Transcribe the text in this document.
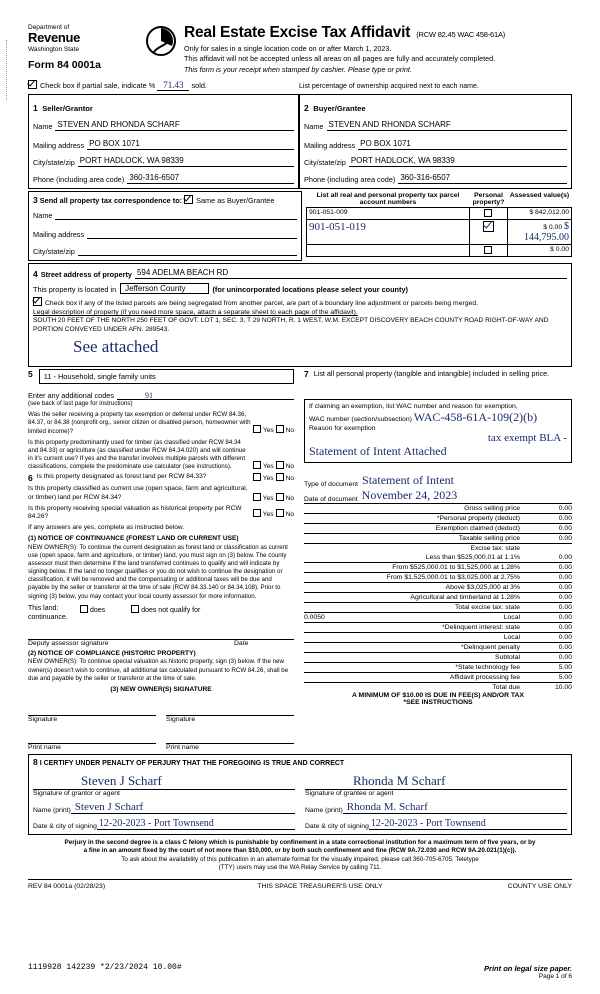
Department of
Revenue
Washington State
Form 84 0001a
Real Estate Excise Tax Affidavit (RCW 82.45 WAC 458-61A)
Only for sales in a single location code on or after March 1, 2023.
This affidavit will not be accepted unless all areas on all pages are fully and accurately completed.
This form is your receipt when stamped by cashier. Please type or print.
Check box if partial sale, indicate % 71.43 sold.	List percentage of ownership acquired next to each name.
1 Seller/Grantor
Name STEVEN AND RHONDA SCHARF
Mailing address PO BOX 1071
City/state/zip PORT HADLOCK, WA 98339
Phone (including area code) 360-316-6507
2 Buyer/Grantee
Name STEVEN AND RHONDA SCHARF
Mailing address PO BOX 1071
City/state/zip PORT HADLOCK, WA 98339
Phone (including area code) 360-316-6507
3 Send all property tax correspondence to: Same as Buyer/Grantee
Name
Mailing address
City/state/zip
List all real and personal property tax parcel account numbers	Personal property?	Assessed value(s)
901-051-009		$ 842,012.00
901-051-019		$ 0.00 $ 144,795.00
		$ 0.00
4 Street address of property 594 ADELMA BEACH RD
This property is located in	Jefferson County	(for unincorporated locations please select your county)
Check box if any of the listed parcels are being segregated from another parcel, are part of a boundary line adjustment or parcels being merged.
Legal description of property (if you need more space, attach a separate sheet to each page of the affidavit).
SOUTH 20 FEET OF THE NORTH 250 FEET OF GOVT. LOT 1, SEC. 3, T 29 NORTH, R. 1 WEST, W.M. EXCEPT DISCOVERY BEACH COUNTY ROAD RIGHT-OF-WAY AND PORTION CONVEYED UNDER AFN. 289543.
See attached
5	11 - Household, single family units
Enter any additional codes	91
(see back of last page for instructions)
Was the seller receiving a property tax exemption or deferral under RCW 84.36, 84.37, or 84.38 (nonprofit org., senior citizen or disabled person, homeowner with limited income)?	Yes No
Is this property predominantly used for timber (as classified under RCW 84.34 and 84.33) or agriculture (as classified under RCW 84.34.020) and will continue in it's current use? If yes and the transfer involves multiple parcels with different classifications, complete the predominate use calculator (see instructions).	Yes No
7 List all personal property (tangible and intangible) included in selling price.
If claiming an exemption, list WAC number and reason for exemption,
WAC number (section/subsection) WAC-458-61A-109(2)(b)
Reason for exemption
tax exempt BLA -
Statement of Intent Attached
6 Is this property designated as forest land per RCW 84.33?	Yes No
Is this property classified as current use (open space, farm and agricultural, or timber) land per RCW 84.34?	Yes No
Is this property receiving special valuation as historical property per RCW 84.26?	Yes No
If any answers are yes, complete as instructed below.
(1) NOTICE OF CONTINUANCE (FOREST LAND OR CURRENT USE)
NEW OWNER(S): To continue the current designation as forest land or classification as current use (open space, farm and agriculture, or timber) land, you must sign on (3) below. The county assessor must then determine if the land transferred continues to qualify and will indicate by signing below. If the land no longer qualifies or you do not wish to continue the designation or classification, it will be removed and the compensating or additional taxes will be due and payable by the seller or transferor at the time of sale (RCW 84.33.140 or 84.34.108). Prior to signing (3) below, you may contact your local county assessor for more information.
This land:	does	does not qualify for
continuance.
Deputy assessor signature	Date
(2) NOTICE OF COMPLIANCE (HISTORIC PROPERTY)
NEW OWNER(S): To continue special valuation as historic property, sign (3) below. If the new owner(s) doesn't wish to continue, all additional tax calculated pursuant to RCW 84.26, shall be due and payable by the seller or transferor at the time of sale.
(3) NEW OWNER(S) SIGNATURE
Signature	Signature
Print name	Print name
Type of document Statement of Intent
Date of document November 24, 2023
Gross selling price	0.00
*Personal property (deduct)	0.00
Exemption claimed (deduct)	0.00
Taxable selling price	0.00
Excise tax: state
Less than $525,000.01 at 1.1%	0.00
From $525,000.01 to $1,525,000 at 1.28%	0.00
From $1,525,000.01 to $3,025,000 at 2.75%	0.00
Above $3,025,000 at 3%	0.00
Agricultural and timberland at 1.28%	0.00
Total excise tax: state	0.00
0.0050	Local	0.00
*Delinquent interest: state	0.00
Local	0.00
*Delinquent penalty	0.00
Subtotal	0.00
*State technology fee	5.00
Affidavit processing fee	5.00
Total due	10.00
A MINIMUM OF $10.00 IS DUE IN FEE(S) AND/OR TAX
*SEE INSTRUCTIONS
8 I CERTIFY UNDER PENALTY OF PERJURY THAT THE FOREGOING IS TRUE AND CORRECT
Steven J Scharf
Signature of grantor or agent
Name (print) Steven J Scharf
Date & city of signing 12-20-2023 - Port Townsend
Rhonda M Scharf
Signature of grantee or agent
Name (print) Rhonda M. Scharf
Date & city of signing 12-20-2023 - Port Townsend
Perjury in the second degree is a class C felony which is punishable by confinement in a state correctional institution for a maximum term of five years, or by
a fine in an amount fixed by the court of not more than $10,000, or by both such confinement and fine (RCW 9A.72.030 and RCW 9A.20.021(1)(c)).
To ask about the availability of this publication in an alternate format for the visually impaired, please call 360-705-6705. Teletype
(TTY) users may use the WA Relay Service by calling 711.
REV 84 0001a (02/28/23)	THIS SPACE TREASURER'S USE ONLY	COUNTY USE ONLY
1119928 142239 *2/23/2024 10.00#	Print on legal size paper.
Page 1 of 6
